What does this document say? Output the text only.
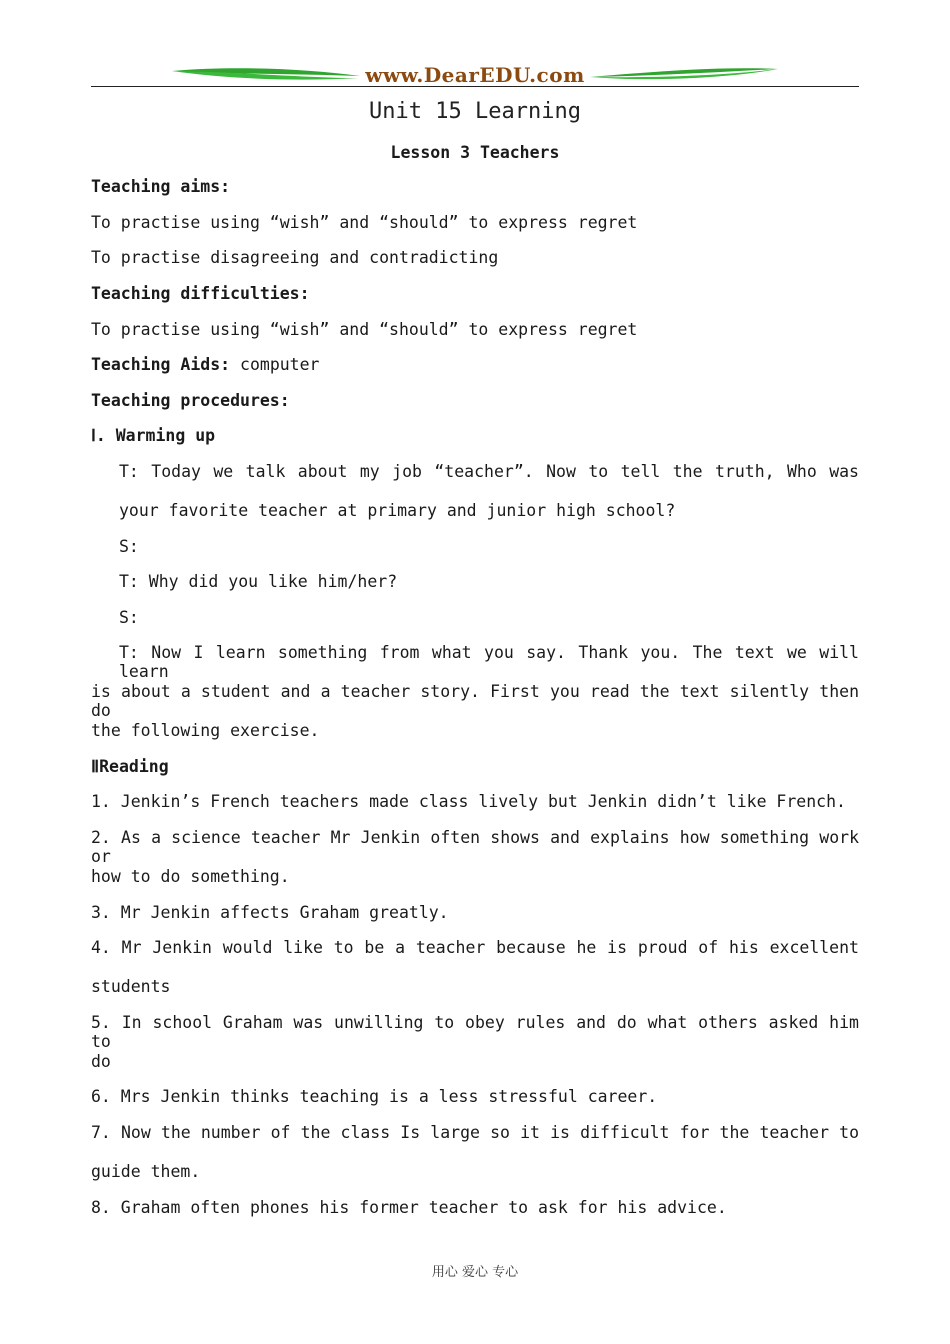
www.DearEDU.com
Unit 15 Learning
Lesson 3 Teachers
Teaching aims:
To practise using “wish” and “should” to express regret
To practise disagreeing and contradicting
Teaching difficulties:
To practise using “wish” and “should” to express regret
Teaching Aids: computer
Teaching procedures:
Ⅰ. Warming up
T: Today we talk about my job “teacher”. Now to tell the truth, Who was
your favorite teacher at primary and junior high school?
S:
T: Why did you like him/her?
S:
T: Now I learn something from what you say. Thank you. The text we will learn
is about a student and a teacher story. First you read the text silently then do
the following exercise.
ⅡReading
1. Jenkin’s French teachers made class lively but Jenkin didn’t like French.
2. As a science teacher Mr Jenkin often shows and explains how something work or
how to do something.
3. Mr Jenkin affects Graham greatly.
4. Mr Jenkin would like to be a teacher because he is proud of his excellent
students
5. In school Graham was unwilling to obey rules and do what others asked him to
do
6. Mrs Jenkin thinks teaching is a less stressful career.
7. Now the number of the class Is large so it is difficult for the teacher to
guide them.
8. Graham often phones his former teacher to ask for his advice.
用心 爱心 专心
